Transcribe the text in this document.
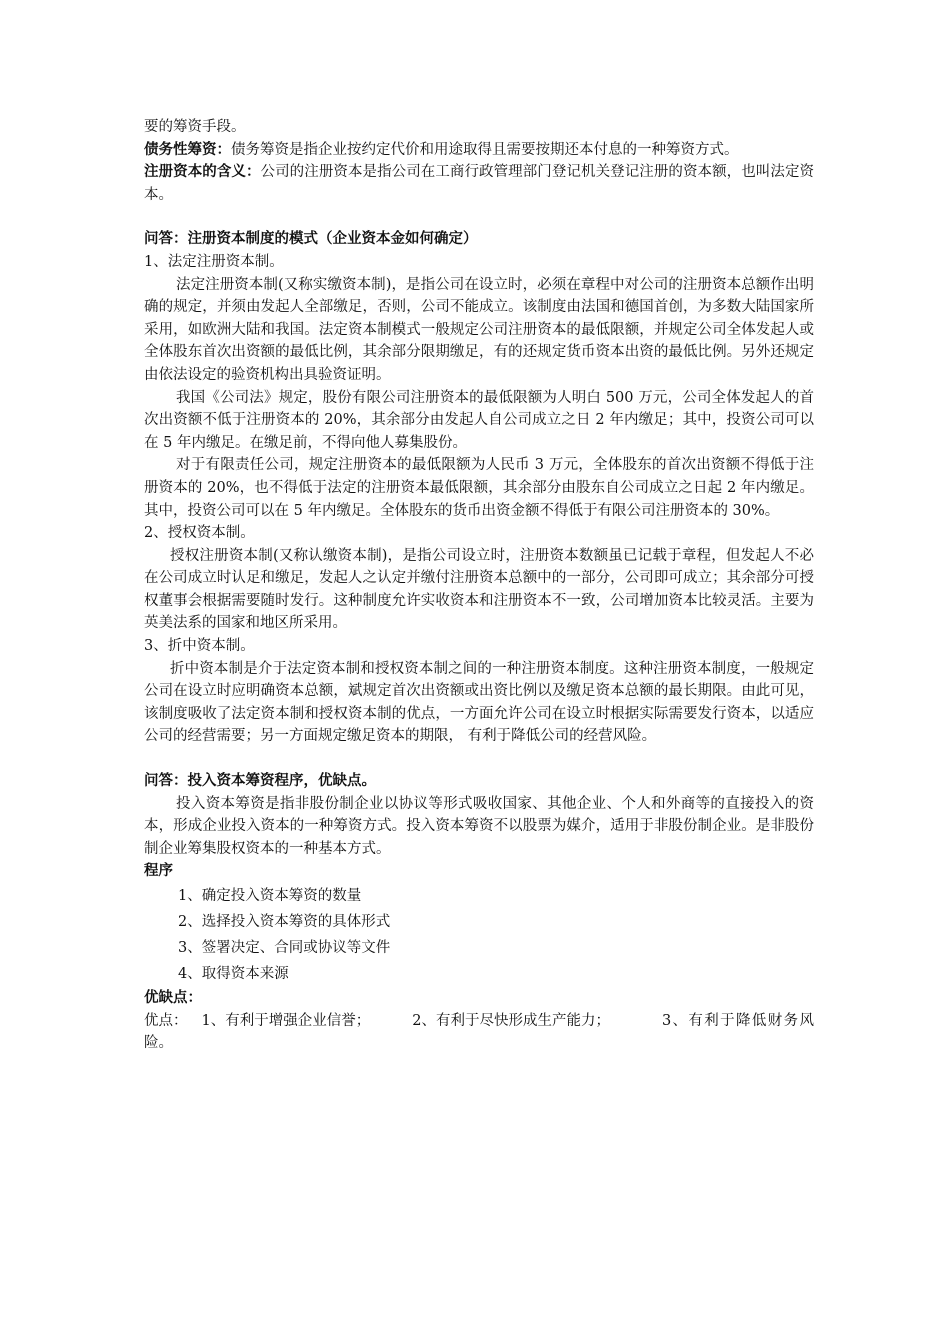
要的筹资手段。

债务性筹资：债务筹资是指企业按约定代价和用途取得且需要按期还本付息的一种筹资方式。

注册资本的含义：公司的注册资本是指公司在工商行政管理部门登记机关登记注册的资本额，也叫法定资本。

问答：注册资本制度的模式（企业资本金如何确定）

1、法定注册资本制。

法定注册资本制(又称实缴资本制)，是指公司在设立时，必须在章程中对公司的注册资本总额作出明确的规定，并须由发起人全部缴足，否则，公司不能成立。该制度由法国和德国首创，为多数大陆国家所采用，如欧洲大陆和我国。法定资本制模式一般规定公司注册资本的最低限额，并规定公司全体发起人或全体股东首次出资额的最低比例，其余部分限期缴足，有的还规定货币资本出资的最低比例。另外还规定由依法设定的验资机构出具验资证明。

我国《公司法》规定，股份有限公司注册资本的最低限额为人明白 500 万元，公司全体发起人的首次出资额不低于注册资本的 20%，其余部分由发起人自公司成立之日 2 年内缴足；其中，投资公司可以在 5 年内缴足。在缴足前，不得向他人募集股份。

对于有限责任公司，规定注册资本的最低限额为人民币 3 万元，全体股东的首次出资额不得低于注册资本的 20%，也不得低于法定的注册资本最低限额，其余部分由股东自公司成立之日起 2 年内缴足。其中，投资公司可以在 5 年内缴足。全体股东的货币出资金额不得低于有限公司注册资本的 30%。

2、授权资本制。

授权注册资本制(又称认缴资本制)，是指公司设立时，注册资本数额虽已记载于章程，但发起人不必在公司成立时认足和缴足，发起人之认定并缴付注册资本总额中的一部分，公司即可成立；其余部分可授权董事会根据需要随时发行。这种制度允许实收资本和注册资本不一致，公司增加资本比较灵活。主要为英美法系的国家和地区所采用。

3、折中资本制。

折中资本制是介于法定资本制和授权资本制之间的一种注册资本制度。这种注册资本制度，一般规定公司在设立时应明确资本总额，斌规定首次出资额或出资比例以及缴足资本总额的最长期限。由此可见，该制度吸收了法定资本制和授权资本制的优点，一方面允许公司在设立时根据实际需要发行资本，以适应公司的经营需要；另一方面规定缴足资本的期限， 有利于降低公司的经营风险。

问答：投入资本筹资程序，优缺点。

投入资本筹资是指非股份制企业以协议等形式吸收国家、其他企业、个人和外商等的直接投入的资本，形成企业投入资本的一种筹资方式。投入资本筹资不以股票为媒介，适用于非股份制企业。是非股份制企业筹集股权资本的一种基本方式。

程序

1、确定投入资本筹资的数量

2、选择投入资本筹资的具体形式

3、签署决定、合同或协议等文件

4、取得资本来源

优缺点：

优点： 1、有利于增强企业信誉；	2、有利于尽快形成生产能力；	3、有利于降低财务风险。
